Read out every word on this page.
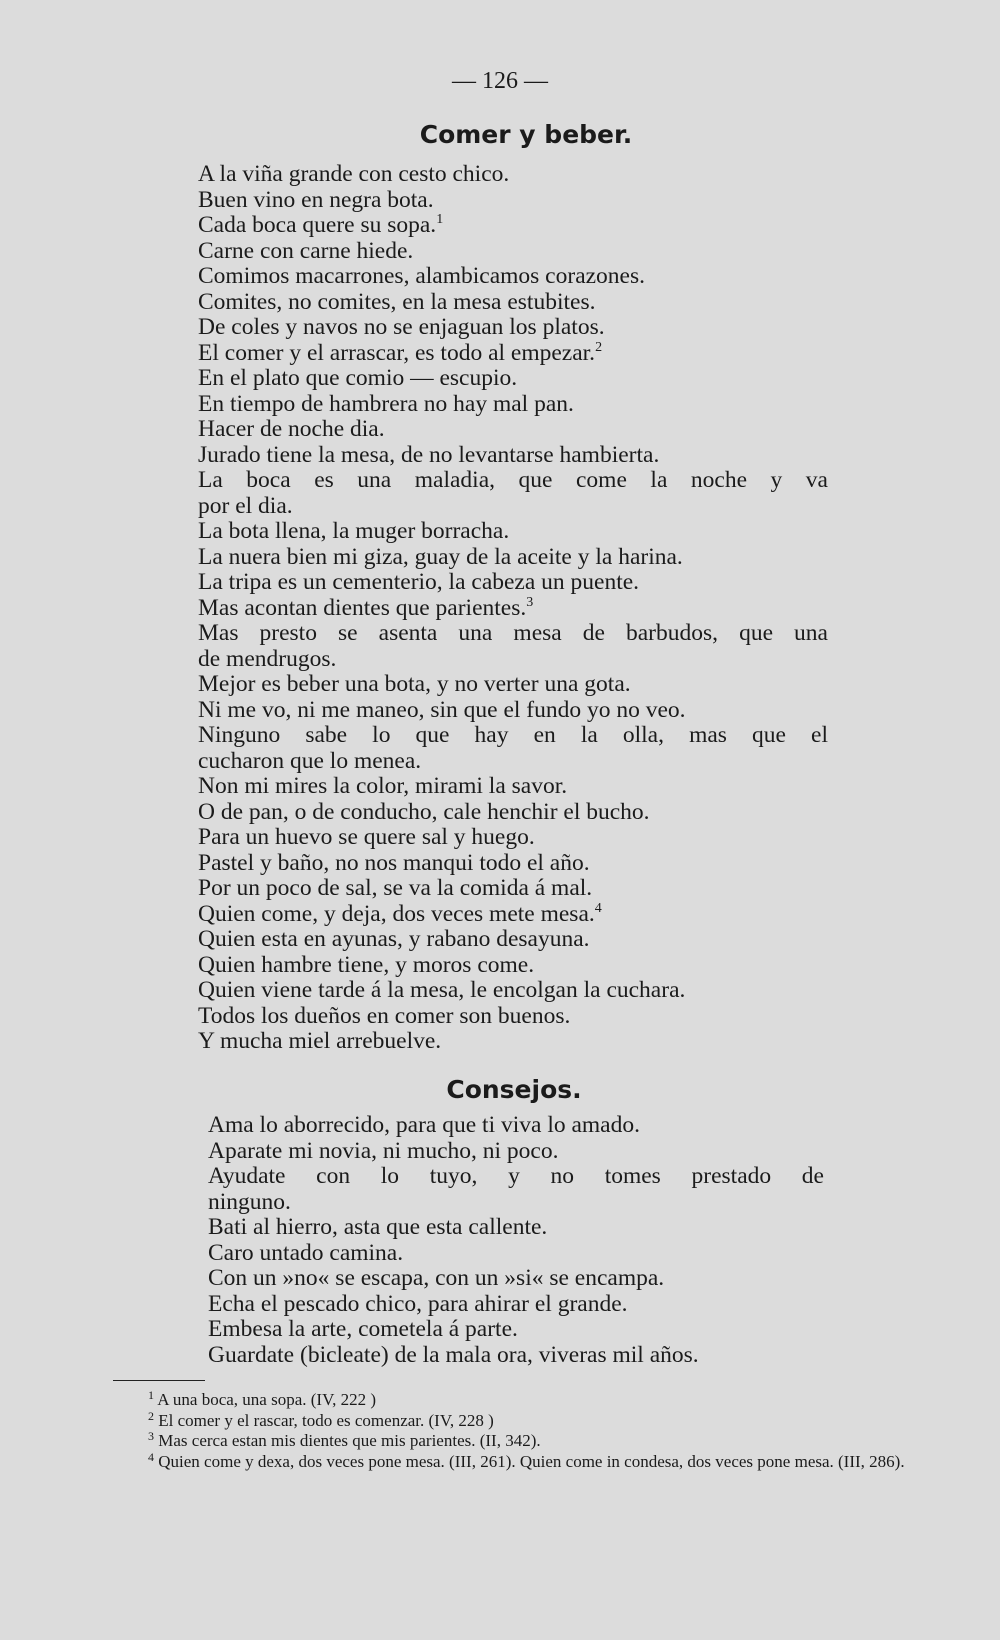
— 126 —
Comer y beber.
A la viña grande con cesto chico.
Buen vino en negra bota.
Cada boca quere su sopa.$^1$
Carne con carne hiede.
Comimos macarrones, alambicamos corazones.
Comites, no comites, en la mesa estubites.
De coles y navos no se enjaguan los platos.
El comer y el arrascar, es todo al empezar.$^2$
En el plato que comio — escupio.
En tiempo de hambrera no hay mal pan.
Hacer de noche dia.
Jurado tiene la mesa, de no levantarse hambierta.
La boca es una maladia, que come la noche y va
por el dia.
La bota llena, la muger borracha.
La nuera bien mi giza, guay de la aceite y la harina.
La tripa es un cementerio, la cabeza un puente.
Mas acontan dientes que parientes.$^3$
Mas presto se asenta una mesa de barbudos, que una
de mendrugos.
Mejor es beber una bota, y no verter una gota.
Ni me vo, ni me maneo, sin que el fundo yo no veo.
Ninguno sabe lo que hay en la olla, mas que el
cucharon que lo menea.
Non mi mires la color, mirami la savor.
O de pan, o de conducho, cale henchir el bucho.
Para un huevo se quere sal y huego.
Pastel y baño, no nos manqui todo el año.
Por un poco de sal, se va la comida á mal.
Quien come, y deja, dos veces mete mesa.$^4$
Quien esta en ayunas, y rabano desayuna.
Quien hambre tiene, y moros come.
Quien viene tarde á la mesa, le encolgan la cuchara.
Todos los dueños en comer son buenos.
Y mucha miel arrebuelve.
Consejos.
Ama lo aborrecido, para que ti viva lo amado.
Aparate mi novia, ni mucho, ni poco.
Ayudate con lo tuyo, y no tomes prestado de
ninguno.
Bati al hierro, asta que esta callente.
Caro untado camina.
Con un »no« se escapa, con un »si« se encampa.
Echa el pescado chico, para ahirar el grande.
Embesa la arte, cometela á parte.
Guardate (bicleate) de la mala ora, viveras mil años.
$^1$ A una boca, una sopa. (IV, 222 )
$^2$ El comer y el rascar, todo es comenzar. (IV, 228 )
$^3$ Mas cerca estan mis dientes que mis parientes. (II, 342).
$^4$ Quien come y dexa, dos veces pone mesa. (III, 261). Quien come in condesa, dos veces pone mesa. (III, 286).
